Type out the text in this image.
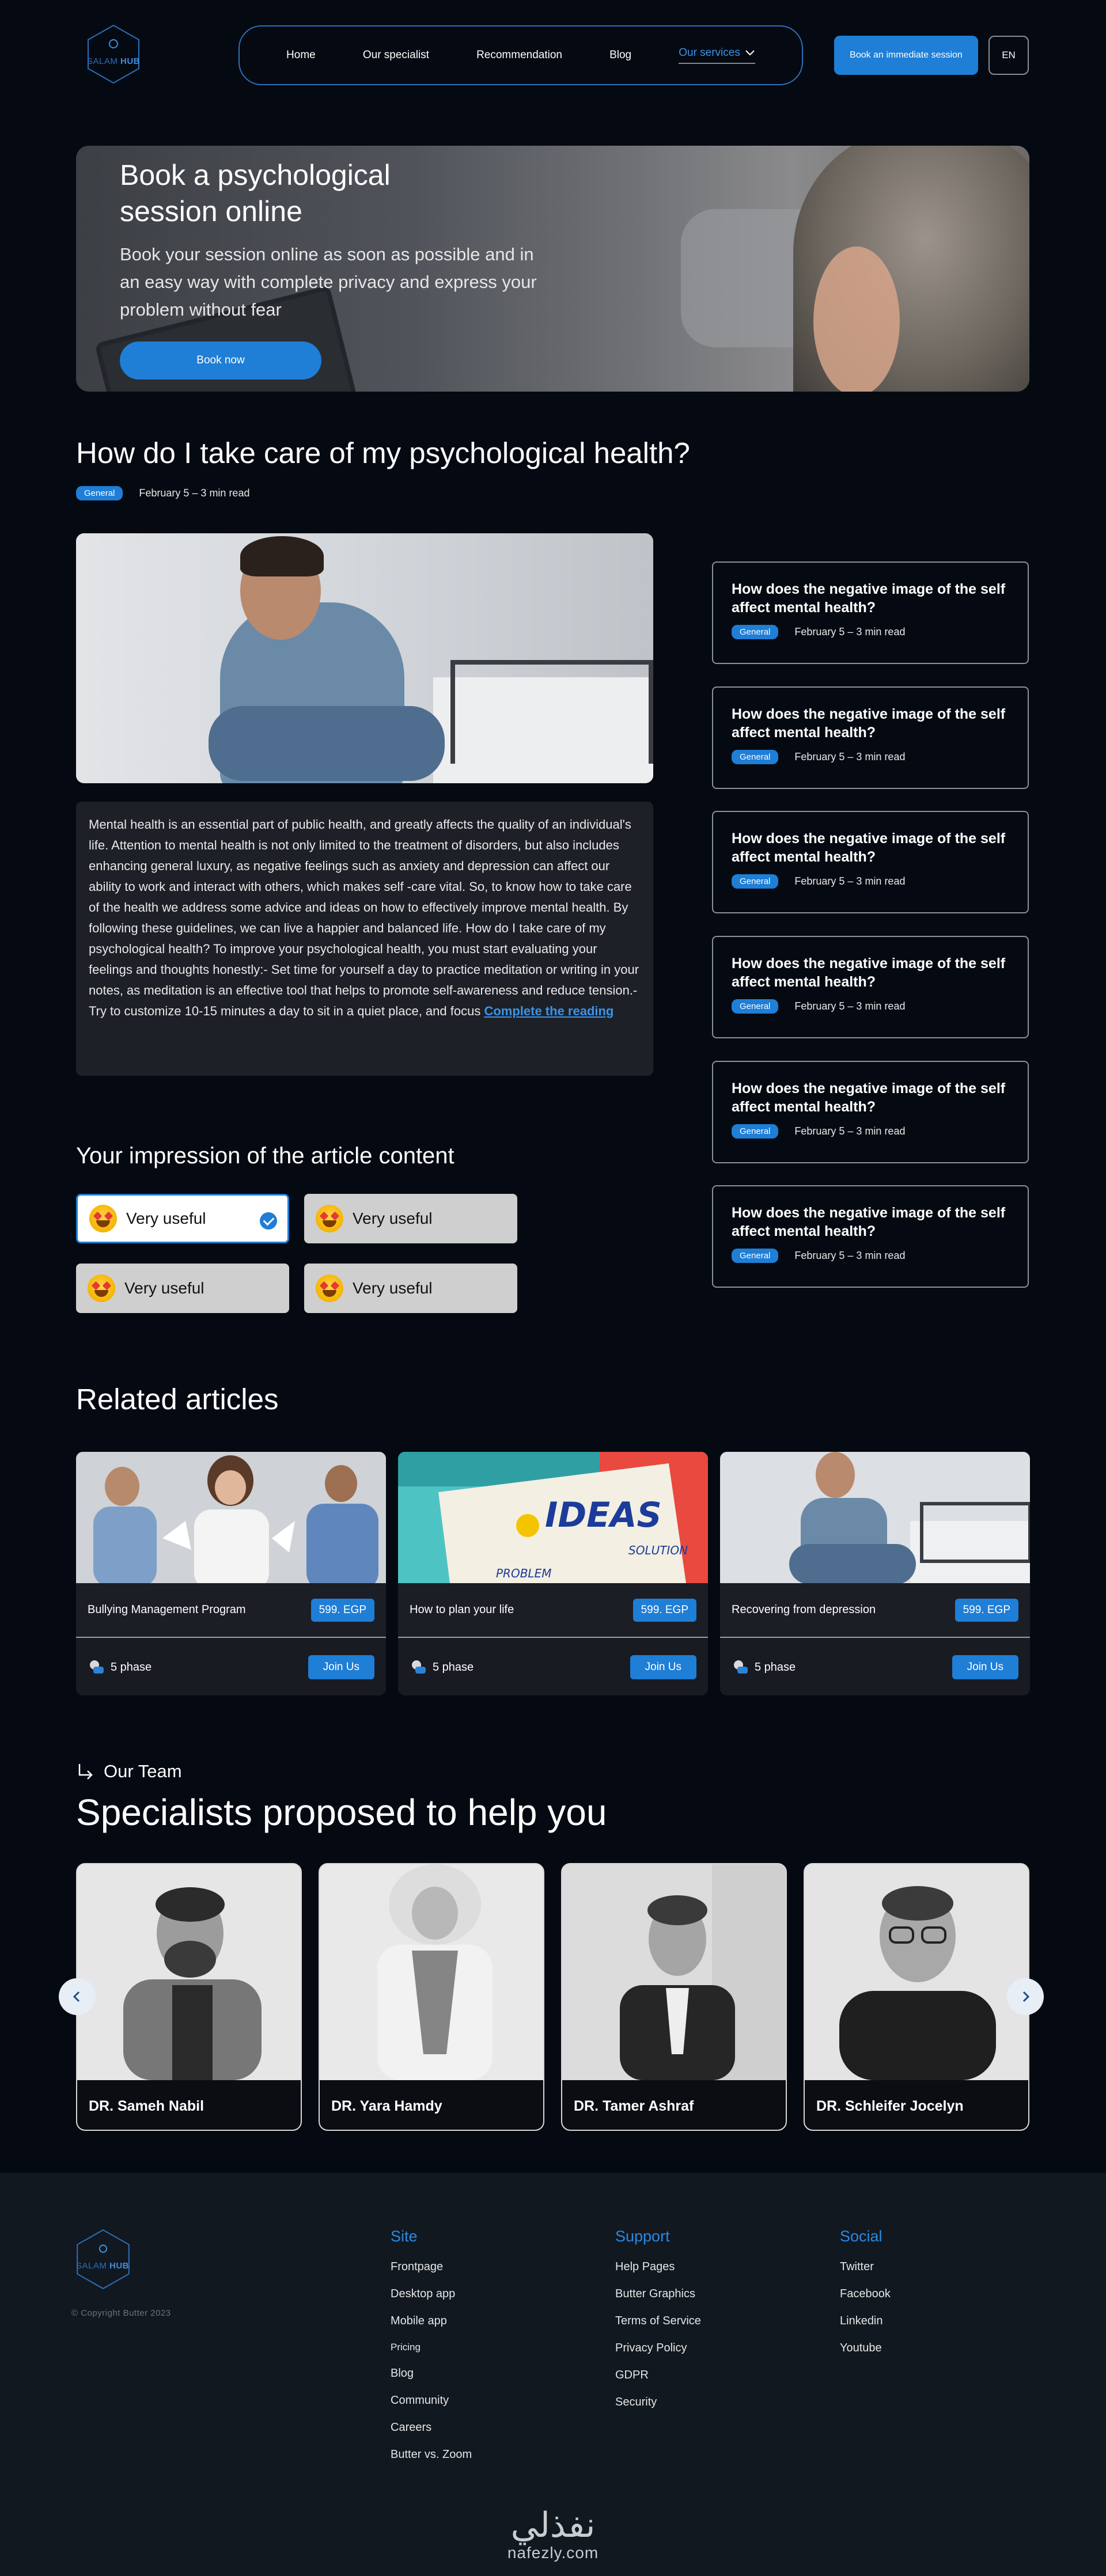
SALAM HUB
Home	Our specialist	Recommendation	Blog	Our services	Book an immediate session	EN
Book a psychological session online

Book your session online as soon as possible and in an easy way with complete privacy and express your problem without fear

Book now
How do I take care of my psychological health?
General	February 5 – 3 min read
Mental health is an essential part of public health, and greatly affects the quality of an individual's life. Attention to mental health is not only limited to the treatment of disorders, but also includes enhancing general luxury, as negative feelings such as anxiety and depression can affect our ability to work and interact with others, which makes self -care vital. So, to know how to take care of the health we address some advice and ideas on how to effectively improve mental health. By following these guidelines, we can live a happier and balanced life. How do I take care of my psychological health? To improve your psychological health, you must start evaluating your feelings and thoughts honestly:- Set time for yourself a day to practice meditation or writing in your notes, as meditation is an effective tool that helps to promote self-awareness and reduce tension.- Try to customize 10-15 minutes a day to sit in a quiet place, and focus Complete the reading
How does the negative image of the self affect mental health?
General	February 5 – 3 min read
How does the negative image of the self affect mental health?
General	February 5 – 3 min read
How does the negative image of the self affect mental health?
General	February 5 – 3 min read
How does the negative image of the self affect mental health?
General	February 5 – 3 min read
How does the negative image of the self affect mental health?
General	February 5 – 3 min read
How does the negative image of the self affect mental health?
General	February 5 – 3 min read
Your impression of the article content
Very useful	Very useful
Very useful	Very useful
Related articles
Bullying Management Program	599. EGP
5 phase	Join Us
IDEAS
SOLUTION
PROBLEM
How to plan your life	599. EGP
5 phase	Join Us
Recovering from depression	599. EGP
5 phase	Join Us
Our Team
Specialists proposed to help you
DR. Sameh Nabil	DR. Yara Hamdy	DR. Tamer Ashraf	DR. Schleifer Jocelyn
SALAM HUB
© Copyright Butter 2023
Site
Frontpage
Desktop app
Mobile app
Pricing
Blog
Community
Careers
Butter vs. Zoom
Support
Help Pages
Butter Graphics
Terms of Service
Privacy Policy
GDPR
Security
Social
Twitter
Facebook
Linkedin
Youtube
نفذلي
nafezly.com
